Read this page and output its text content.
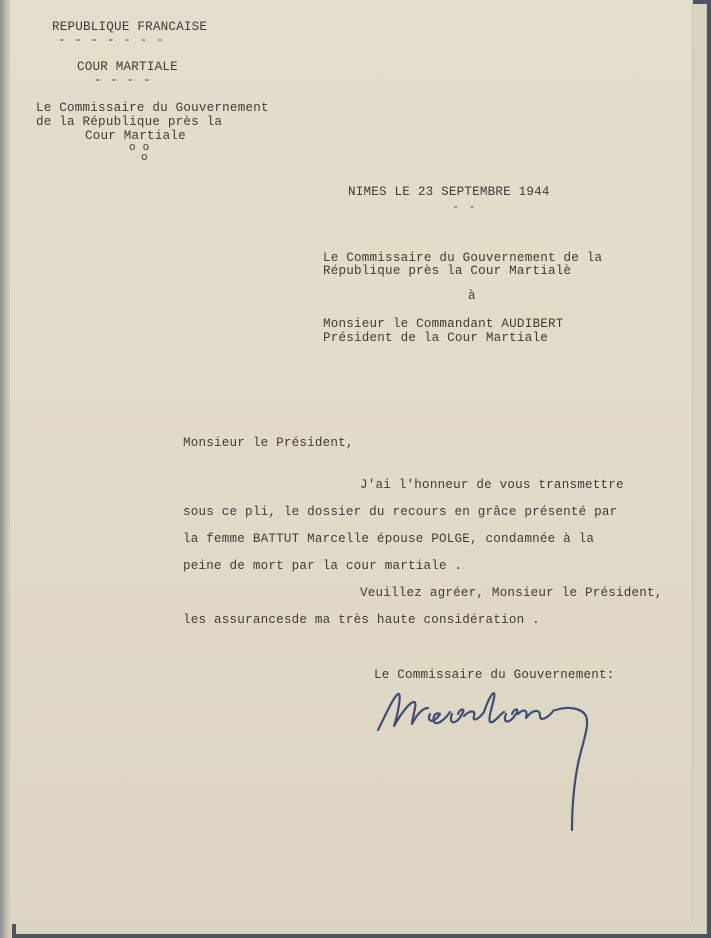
REPUBLIQUE FRANCAISE
- - - - - - -
COUR MARTIALE
- - - -
Le Commissaire du Gouvernement
de la République près la
Cour Martiale
o o
o
NIMES LE 23 SEPTEMBRE 1944
- -
Le Commissaire du Gouvernement de la
République près la Cour Martialè
à
Monsieur le Commandant AUDIBERT
Président de la Cour Martiale
Monsieur le Président,
J'ai l'honneur de vous transmettre
sous ce pli, le dossier du recours en grâce présenté par
la femme BATTUT Marcelle épouse POLGE, condamnée à la
peine de mort par la cour martiale .
Veuillez agréer, Monsieur le Président,
les assurancesde ma très haute considération .
Le Commissaire du Gouvernement:
